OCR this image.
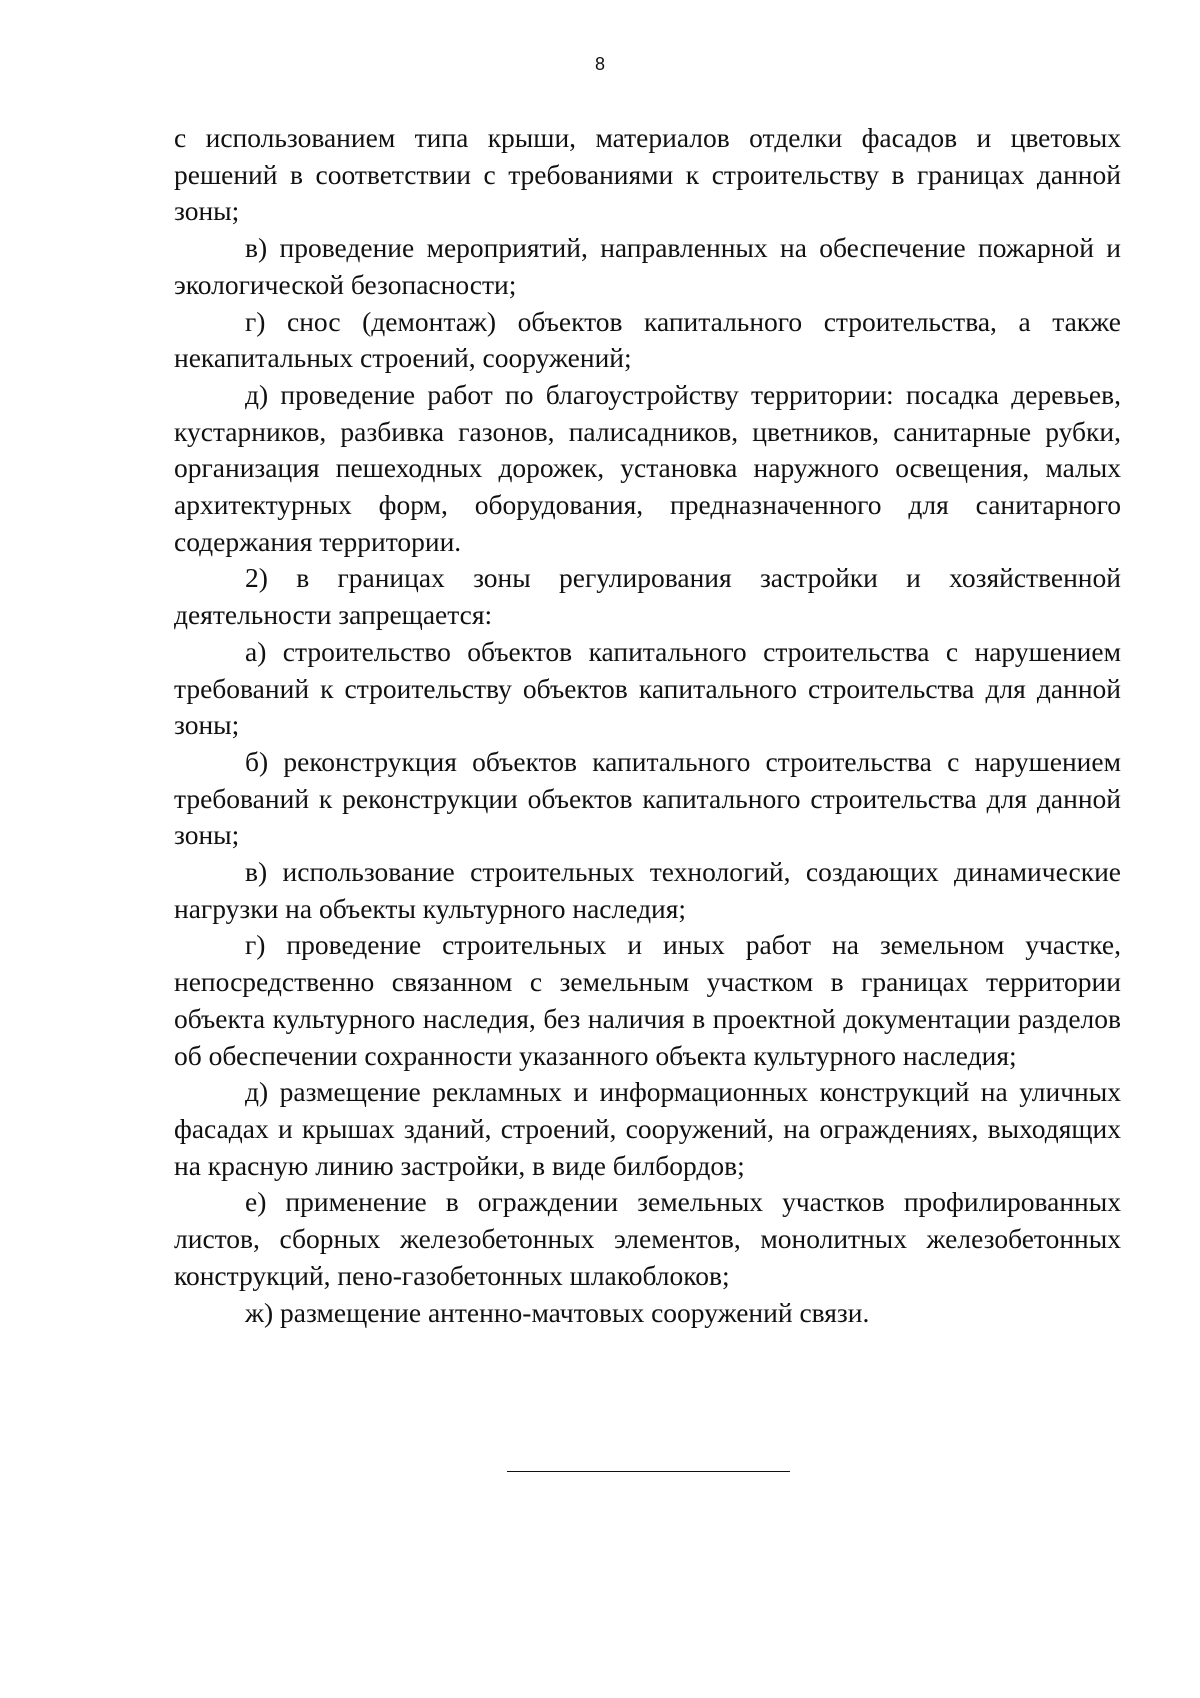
8

с использованием типа крыши, материалов отделки фасадов и цветовых решений в соответствии с требованиями к строительству в границах данной зоны;

в) проведение мероприятий, направленных на обеспечение пожарной и экологической безопасности;

г) снос (демонтаж) объектов капитального строительства, а также некапитальных строений, сооружений;

д) проведение работ по благоустройству территории: посадка деревьев, кустарников, разбивка газонов, палисадников, цветников, санитарные рубки, организация пешеходных дорожек, установка наружного освещения, малых архитектурных форм, оборудования, предназначенного для санитарного содержания территории.

2) в границах зоны регулирования застройки и хозяйственной деятельности запрещается:

а) строительство объектов капитального строительства с нарушением требований к строительству объектов капитального строительства для данной зоны;

б) реконструкция объектов капитального строительства с нарушением требований к реконструкции объектов капитального строительства для данной зоны;

в) использование строительных технологий, создающих динамические нагрузки на объекты культурного наследия;

г) проведение строительных и иных работ на земельном участке, непосредственно связанном с земельным участком в границах территории объекта культурного наследия, без наличия в проектной документации разделов об обеспечении сохранности указанного объекта культурного наследия;

д) размещение рекламных и информационных конструкций на уличных фасадах и крышах зданий, строений, сооружений, на ограждениях, выходящих на красную линию застройки, в виде билбордов;

е) применение в ограждении земельных участков профилированных листов, сборных железобетонных элементов, монолитных железобетонных конструкций, пено-газобетонных шлакоблоков;

ж) размещение антенно-мачтовых сооружений связи.
